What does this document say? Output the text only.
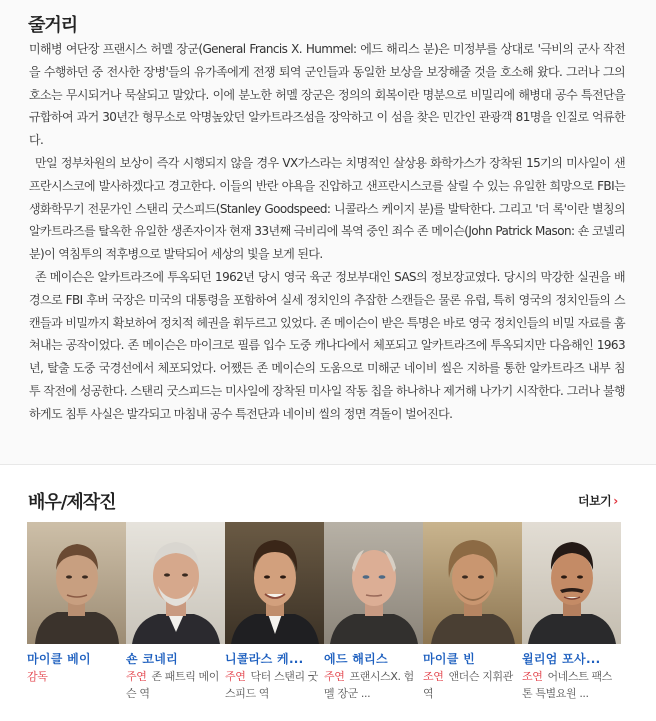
줄거리

미해병 여단장 프랜시스 허멜 장군(General Francis X. Hummel: 에드 해리스 분)은 미정부를 상대로 '극비의 군사 작전을 수행하던 중 전사한 장병'들의 유가족에게 전쟁 퇴역 군인들과 동일한 보상을 보장해줄 것을 호소해 왔다. 그러나 그의 호소는 무시되거나 묵살되고 말았다. 이에 분노한 허멜 장군은 정의의 회복이란 명분으로 비밀리에 해병대 공수 특전단을 규합하여 과거 30년간 형무소로 악명높았던 알카트라즈섬을 장악하고 이 섬을 찾은 민간인 관광객 81명을 인질로 억류한다.

만일 정부차원의 보상이 즉각 시행되지 않을 경우 VX가스라는 치명적인 살상용 화학가스가 장착된 15기의 미사일이 샌프란시스코에 발사하겠다고 경고한다. 이들의 반란 야욕을 진압하고 샌프란시스코를 살릴 수 있는 유일한 희망으로 FBI는 생화학무기 전문가인 스탠리 굿스피드(Stanley Goodspeed: 니콜라스 케이지 분)를 발탁한다. 그리고 '더 록'이란 별칭의 알카트라즈를 탈옥한 유일한 생존자이자 현재 33년째 극비리에 복역 중인 죄수 존 메이슨(John Patrick Mason: 숀 코넬리 분)이 역침투의 적후병으로 발탁되어 세상의 빛을 보게 된다.

존 메이슨은 알카트라즈에 투옥되던 1962년 당시 영국 육군 정보부대인 SAS의 정보장교였다. 당시의 막강한 실권을 배경으로 FBI 후버 국장은 미국의 대통령을 포함하여 실세 정치인의 추잡한 스캔들은 물론 유럽, 특히 영국의 정치인들의 스캔들과 비밀까지 확보하여 정치적 헤권을 휘두르고 있었다. 존 메이슨이 받은 특명은 바로 영국 정치인들의 비밀 자료를 훔쳐내는 공작이었다. 존 메이슨은 마이크로 필름 입수 도중 캐나다에서 체포되고 알카트라즈에 투옥되지만 다음해인 1963년, 탈출 도중 국경선에서 체포되었다. 어쨌든 존 메이슨의 도움으로 미해군 네이비 씰은 지하를 통한 알카트라즈 내부 침투 작전에 성공한다. 스탠리 굿스피드는 미사일에 장착된 미사일 작동 칩을 하나하나 제거해 나가기 시작한다. 그러나 불행하게도 침투 사실은 발각되고 마침내 공수 특전단과 네이비 씰의 정면 격돌이 벌어진다.

배우/제작진	더보기 ›
마이클 베이
감독
숀 코네리
주연 존 패트릭 메이슨 역
니콜라스 케...
주연 닥터 스탠리 굿스피드 역
에드 해리스
주연 프랜시스X. 험멜 장군 ...
마이클 빈
조연 앤더슨 지휘관 역
윌리엄 포사...
조연 어네스트 팩스톤 특별요원 ...
